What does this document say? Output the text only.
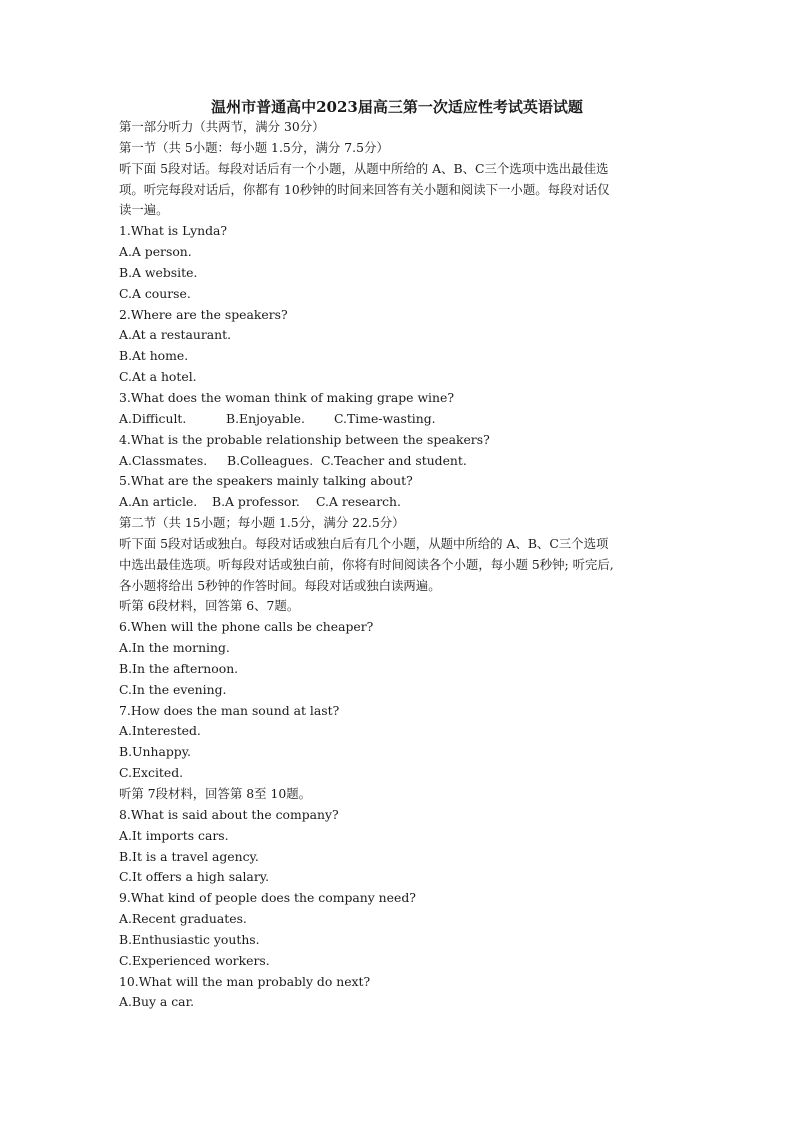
温州市普通高中2023届高三第一次适应性考试英语试题
第一部分听力（共两节，满分 30分）
第一节（共 5小题：每小题 1.5分，满分 7.5分）
听下面 5段对话。每段对话后有一个小题，从题中所给的 A、B、C三个选项中选出最佳选
项。听完每段对话后，你都有 10秒钟的时间来回答有关小题和阅读下一小题。每段对话仅
读一遍。
1.What is Lynda?
A.A person.
B.A website.
C.A course.
2.Where are the speakers?
A.At a restaurant.
B.At home.
C.At a hotel.
3.What does the woman think of making grape wine?
A.Difficult.	B.Enjoyable. C.Time-wasting.
4.What is the probable relationship between the speakers?
A.Classmates. B.Colleagues. C.Teacher and student.
5.What are the speakers mainly talking about?
A.An article. B.A professor. C.A research.
第二节（共 15小题；每小题 1.5分，满分 22.5分）
听下面 5段对话或独白。每段对话或独白后有几个小题，从题中所给的 A、B、C三个选项
中选出最佳选项。听每段对话或独白前，你将有时间阅读各个小题，每小题 5秒钟; 听完后,
各小题将给出 5秒钟的作答时间。每段对话或独白读两遍。
听第 6段材料，回答第 6、7题。
6.When will the phone calls be cheaper?
A.In the morning.
B.In the afternoon.
C.In the evening.
7.How does the man sound at last?
A.Interested.
B.Unhappy.
C.Excited.
听第 7段材料，回答第 8至 10题。
8.What is said about the company?
A.It imports cars.
B.It is a travel agency.
C.It offers a high salary.
9.What kind of people does the company need?
A.Recent graduates.
B.Enthusiastic youths.
C.Experienced workers.
10.What will the man probably do next?
A.Buy a car.
